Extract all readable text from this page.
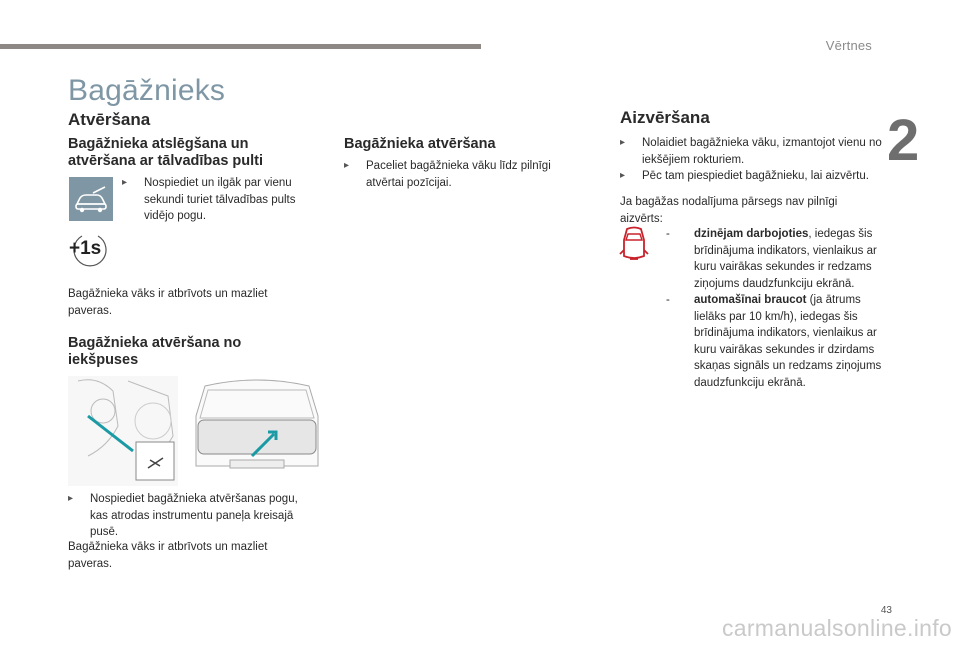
Vērtnes
2
Bagāžnieks
Atvēršana
Bagāžnieka atslēgšana un atvēršana ar tālvadības pulti
▸ Nospiediet un ilgāk par vienu sekundi turiet tālvadības pults vidējo pogu.
+1s
Bagāžnieka vāks ir atbrīvots un mazliet paveras.
Bagāžnieka atvēršana no iekšpuses
▸ Nospiediet bagāžnieka atvēršanas pogu, kas atrodas instrumentu paneļa kreisajā pusē.
Bagāžnieka vāks ir atbrīvots un mazliet paveras.
Bagāžnieka atvēršana
▸ Paceliet bagāžnieka vāku līdz pilnīgi atvērtai pozīcijai.
Aizvēršana
▸ Nolaidiet bagāžnieka vāku, izmantojot vienu no iekšējiem rokturiem.
▸ Pēc tam piespiediet bagāžnieku, lai aizvērtu.
Ja bagāžas nodalījuma pārsegs nav pilnīgi aizvērts:
- dzinējam darbojoties, iedegas šis brīdinājuma indikators, vienlaikus ar kuru vairākas sekundes ir redzams ziņojums daudzfunkciju ekrānā.
- automašīnai braucot (ja ātrums lielāks par 10 km/h), iedegas šis brīdinājuma indikators, vienlaikus ar kuru vairākas sekundes ir dzirdams skaņas signāls un redzams ziņojums daudzfunkciju ekrānā.
43
carmanualsonline.info
